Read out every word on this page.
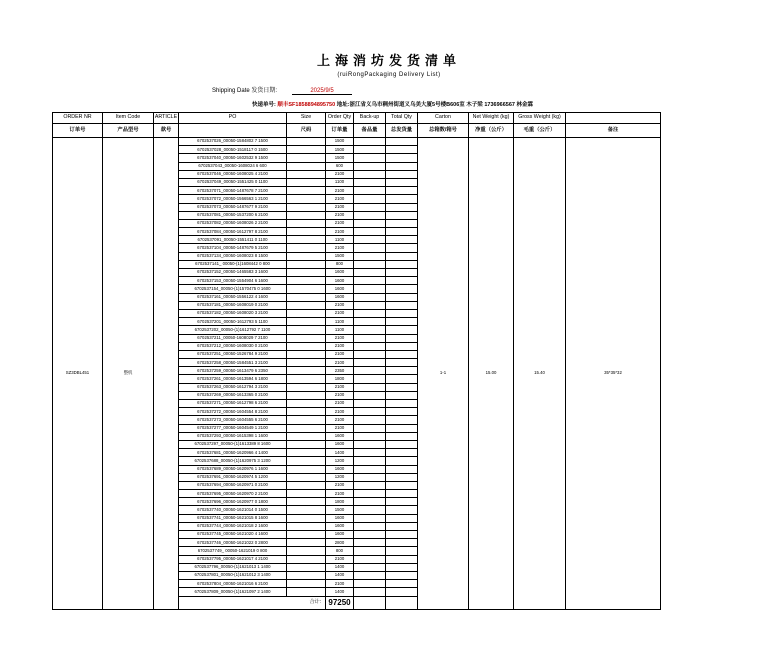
上海消坊发货清单
(ruiRongPackaging Delivery List)
Shipping Date 发货日期:	2025/9/5
快递单号: 顺丰SF1858894895750 地址:浙江省义乌市稠州街道义乌美大厦5号楼B606室 木子梁 1736966567 林金霖
ORDER NR	Item Code	ARTICLE	PO	Size	Order Qty	Back-up	Total Qty	Carton	Net Weight (kg)	Gross Weight (kg)	
订单号	产品型号	款号		尺码	订单量	备品量	总发货量	总箱数/箱号	净重（公斤）	毛重（公斤）	备注
SZ3DBL451	整机		6702537026_00050-1584802 7 1500		1500			1-1	15.00	15.40	35*35*32
			6702537028_00050-1518117 0 1500		1500						
			6702537040_00050-1602532 9 1500		1500						
			6702537043_00050-1608024 6 600		600						
			6702537046_00050-1608025 4 2100		2100						
			6702537049_00050-1551425 0 1100		1100						
			6702537071_00050-1487678 7 2100		2100						
			6702537072_00050-1566563 1 2100		2100						
			6702537073_00050-1487677 9 2100		2100						
			6702537081_00050-1537200 6 2100		2100						
			6702537082_00050-1608026 2 2100		2100						
			6702537084_00050-1612797 8 2100		2100						
			6702537091_00050-1551411 0 1100		1100						
			6702537104_00050-1487679 5 2100		2100						
			6702537134_00050-1608023 8 1500		1500						
			6702537141_ 00050-(1)1608442 0 800		800						
			6702537152_00050-1465583 3 1600		1600						
			6702537153_00050-1554904 6 1600		1600						
			6702537154_00050-(1)1570475 0 1600		1600						
			6702537161_00050-1556122 4 1600		1600						
			6702537181_00050-1608019 0 2100		2100						
			6702537182_00050-1608020 3 2100		2100						
			6702537201_00050-1612793 5 1100		1100						
			6702537202_00050-(1)1612792 7 1100		1100						
			6702537211_00050-1608029 7 2100		2100						
			6702537212_00050-1608030 0 2100		2100						
			6702537251_00050-1526784 9 2100		2100						
			6702537258_00050-1584551 3 2100		2100						
			6702537259_00050-1613479 6 2350		2350						
			6702537261_00050-1613594 6 1800		1800						
			6702537263_00050-1612794 3 2100		2100						
			6702537269_00050-1613365 0 2100		2100						
			6702537271_00050-1612798 6 2100		2100						
			6702537272_00050-1604554 8 2100		2100						
			6702537273_00050-1604555 6 2100		2100						
			6702537277_00050-1604549 1 2100		2100						
			6702537293_00050-1615398 1 1600		1600						
			6702537297_00050-(1)1613389 8 1600		1600						
			6702537681_00050-1620966 4 1400		1400						
			6702537688_00050-(1)1620975 3 1200		1200						
			6702537689_00050-1620976 1 1600		1600						
			6702537691_00050-1620974 5 1200		1200						
			6702537694_00050-1620971 0 2100		2100						
			6702537695_00050-1620970 2 2100		2100						
			6702537696_00050-1620977 0 1800		1800						
			6702537740_00050-1621014 0 1500		1500						
			6702537741_00050-1621015 8 1600		1600						
			6702537744_00050-1621018 2 1600		1600						
			6702537745_00050-1621020 4 1600		1600						
			6702537746_00050-1621022 0 2800		2800						
			6702537749_ 00050-1621019 0 800		800						
			6702537795_00050-1621017 4 2100		2100						
			6702537796_00050-(1)1621013 1 1400		1400						
			6702537801_00050-(1)1621012 3 1400		1400						
			6702537804_00050-1621016 6 2100		2100						
			6702537809_00050-(1)1621097 2 1400		1400						
			合计:		97250						
